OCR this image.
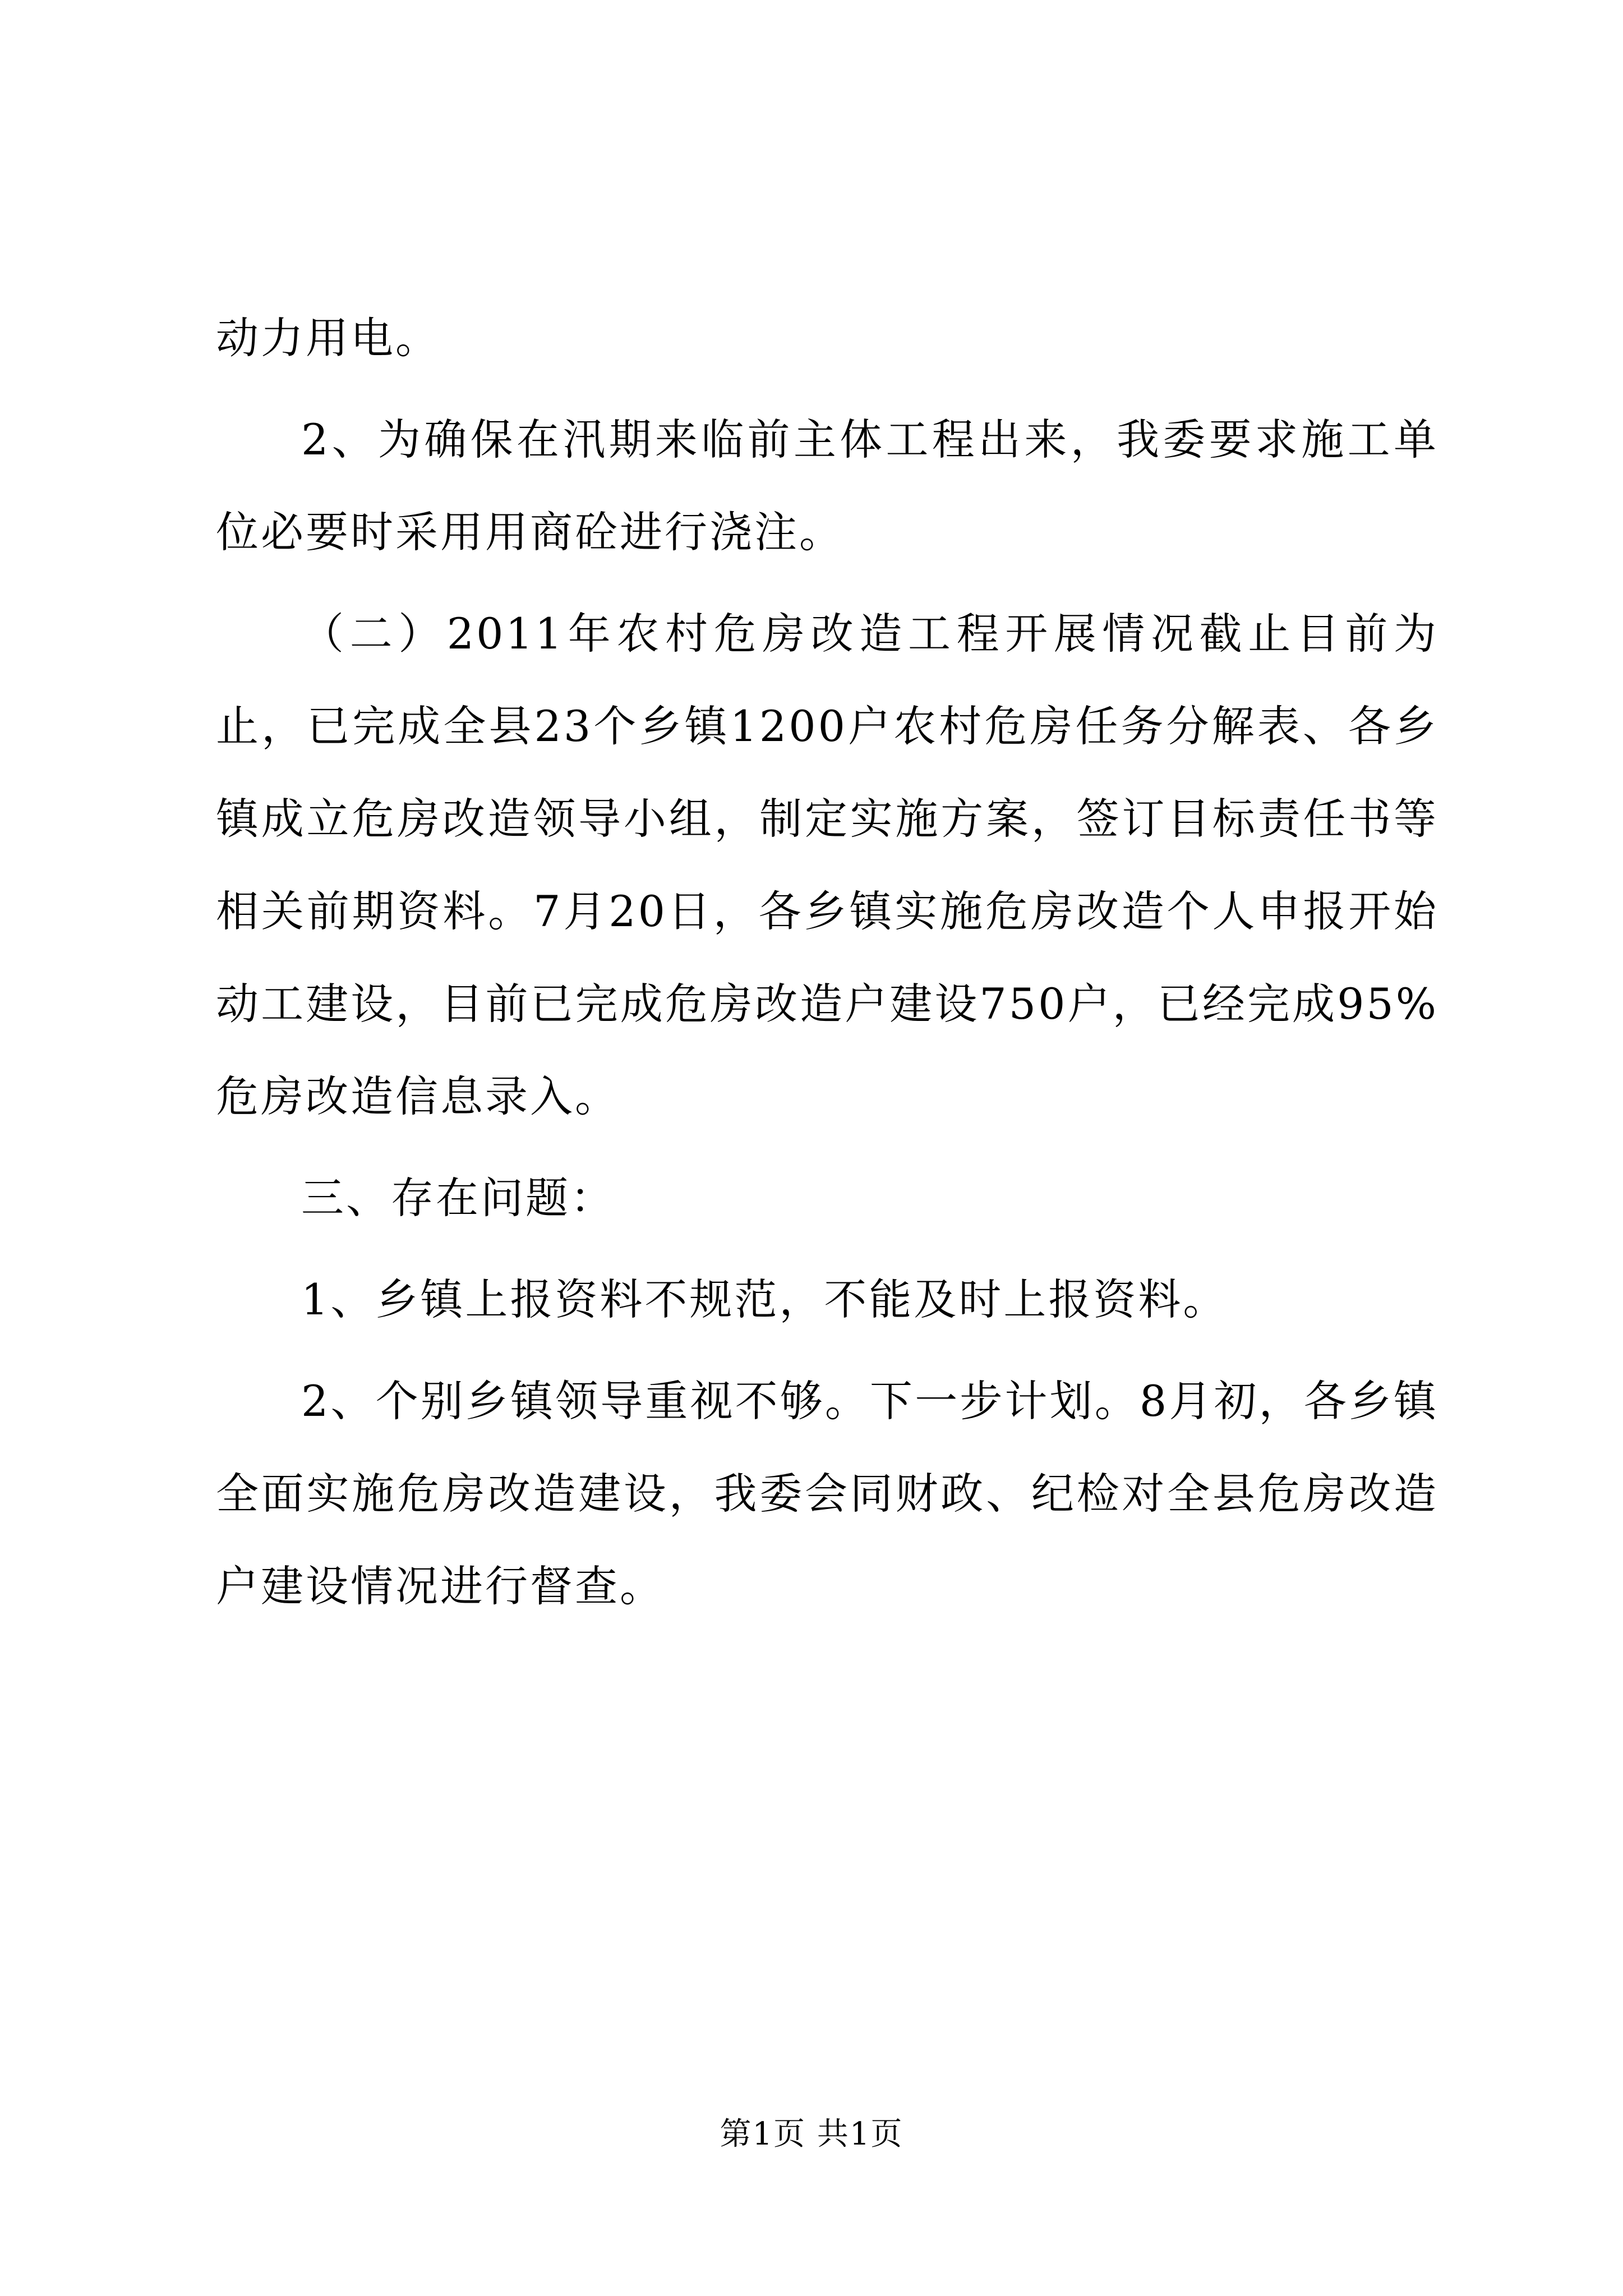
动力用电。

2、为确保在汛期来临前主体工程出来，我委要求施工单位必要时采用用商砼进行浇注。

（二）2011年农村危房改造工程开展情况截止目前为止，已完成全县23个乡镇1200户农村危房任务分解表、各乡镇成立危房改造领导小组，制定实施方案，签订目标责任书等相关前期资料。7月20日，各乡镇实施危房改造个人申报开始动工建设，目前已完成危房改造户建设750户，已经完成95%危房改造信息录入。

三、存在问题：

1、乡镇上报资料不规范，不能及时上报资料。

2、个别乡镇领导重视不够。下一步计划。8月初，各乡镇全面实施危房改造建设，我委会同财政、纪检对全县危房改造户建设情况进行督查。

第1页 共1页
